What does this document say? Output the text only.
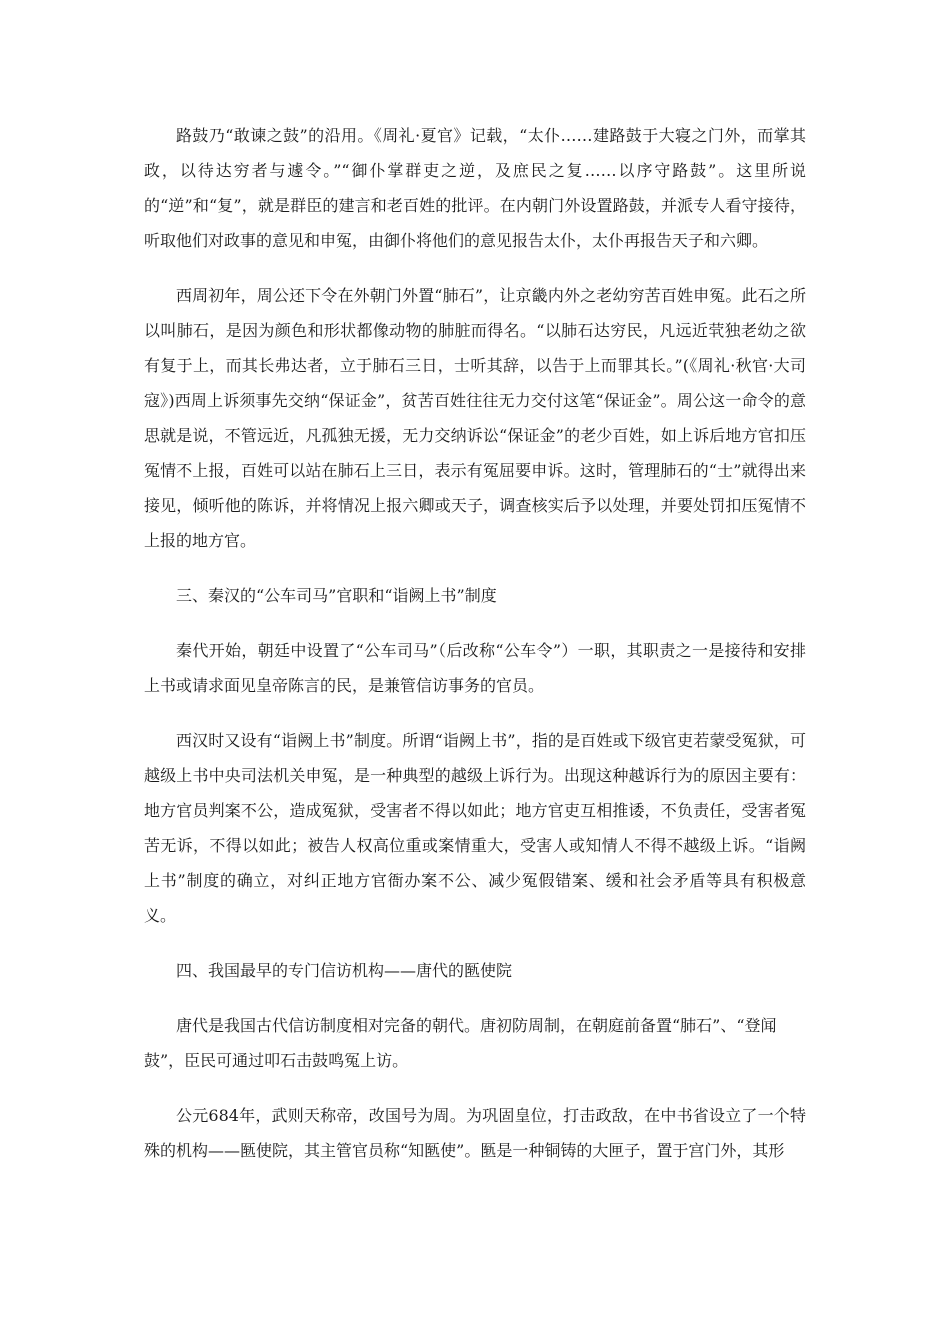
路鼓乃“敢谏之鼓”的沿用。《周礼·夏官》记载，“太仆……建路鼓于大寝之门外，而掌其政，以待达穷者与遽令。”“御仆掌群吏之逆，及庶民之复……以序守路鼓”。这里所说的“逆”和“复”，就是群臣的建言和老百姓的批评。在内朝门外设置路鼓，并派专人看守接待，听取他们对政事的意见和申冤，由御仆将他们的意见报告太仆，太仆再报告天子和六卿。

西周初年，周公还下令在外朝门外置“肺石”，让京畿内外之老幼穷苦百姓申冤。此石之所以叫肺石，是因为颜色和形状都像动物的肺脏而得名。“以肺石达穷民，凡远近茕独老幼之欲有复于上，而其长弗达者，立于肺石三日，士听其辞，以告于上而罪其长。”(《周礼·秋官·大司寇》)西周上诉须事先交纳“保证金”，贫苦百姓往往无力交付这笔“保证金”。周公这一命令的意思就是说，不管远近，凡孤独无援，无力交纳诉讼“保证金”的老少百姓，如上诉后地方官扣压冤情不上报，百姓可以站在肺石上三日，表示有冤屈要申诉。这时，管理肺石的“士”就得出来接见，倾听他的陈诉，并将情况上报六卿或天子，调查核实后予以处理，并要处罚扣压冤情不上报的地方官。

三、秦汉的“公车司马”官职和“诣阙上书”制度

秦代开始，朝廷中设置了“公车司马”（后改称“公车令”）一职，其职责之一是接待和安排上书或请求面见皇帝陈言的民，是兼管信访事务的官员。

西汉时又设有“诣阙上书”制度。所谓“诣阙上书”，指的是百姓或下级官吏若蒙受冤狱，可越级上书中央司法机关申冤，是一种典型的越级上诉行为。出现这种越诉行为的原因主要有：地方官员判案不公，造成冤狱，受害者不得以如此；地方官吏互相推诿，不负责任，受害者冤苦无诉，不得以如此；被告人权高位重或案情重大，受害人或知情人不得不越级上诉。“诣阙上书”制度的确立，对纠正地方官衙办案不公、减少冤假错案、缓和社会矛盾等具有积极意义。

四、我国最早的专门信访机构——唐代的匦使院

唐代是我国古代信访制度相对完备的朝代。唐初防周制，在朝庭前备置“肺石”、“登闻鼓”，臣民可通过叩石击鼓鸣冤上访。

公元684年，武则天称帝，改国号为周。为巩固皇位，打击政敌，在中书省设立了一个特殊的机构——匦使院，其主管官员称“知匦使”。匦是一种铜铸的大匣子，置于宫门外，其形
